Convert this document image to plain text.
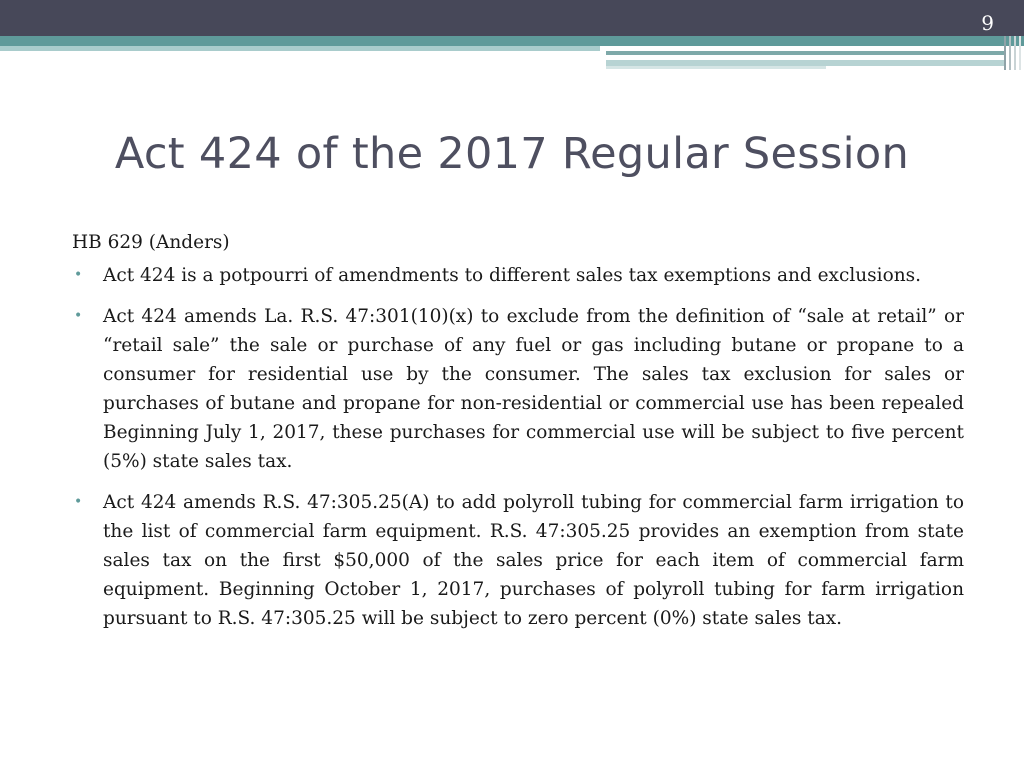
9
Act 424 of the 2017 Regular Session
HB 629 (Anders)
• Act 424 is a potpourri of amendments to different sales tax exemptions and exclusions.
• Act 424 amends La. R.S. 47:301(10)(x) to exclude from the definition of “sale at retail” or “retail sale” the sale or purchase of any fuel or gas including butane or propane to a consumer for residential use by the consumer. The sales tax exclusion for sales or purchases of butane and propane for non-residential or commercial use has been repealed Beginning July 1, 2017, these purchases for commercial use will be subject to five percent (5%) state sales tax.
• Act 424 amends R.S. 47:305.25(A) to add polyroll tubing for commercial farm irrigation to the list of commercial farm equipment. R.S. 47:305.25 provides an exemption from state sales tax on the first $50,000 of the sales price for each item of commercial farm equipment. Beginning October 1, 2017, purchases of polyroll tubing for farm irrigation pursuant to R.S. 47:305.25 will be subject to zero percent (0%) state sales tax.
